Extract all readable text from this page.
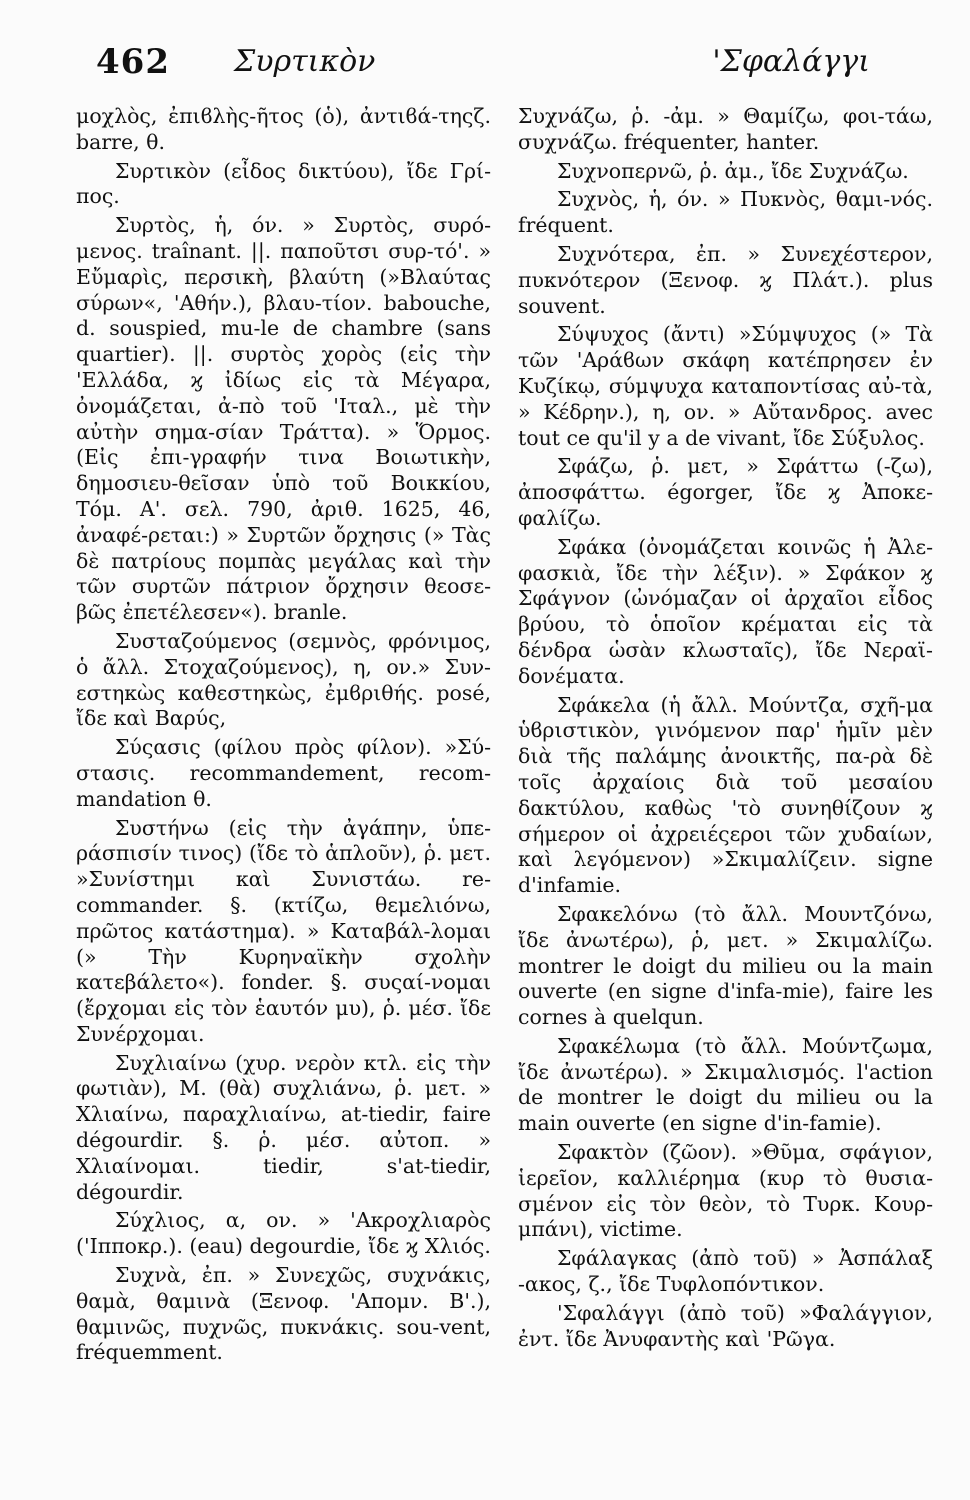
462 Συρτικὸν	'Σφαλάγγι

μοχλὸς, ἐπιϐλὴς-ῆτος (ὁ), ἀντιϐά-τηςζ. barre, θ.

Συρτικὸν (εἶδος δικτύου), ἴδε Γρί-πος.

Συρτὸς, ἡ, όν. » Συρτὸς, συρό-μενος. traînant. ||. παποῦτσι συρ-τό'. » Εὔμαρὶς, περσικὴ, βλαύτη (»Βλαύτας σύρων«, 'Αθήν.), βλαυ-τίον. babouche, d. souspied, mu-le de chambre (sans quartier). ||. συρτὸς χορὸς (εἰς τὴν 'Ελλάδα, ϗ ἰδίως εἰς τὰ Μέγαρα, ὀνομάζεται, ἀ-πὸ τοῦ 'Ιταλ., μὲ τὴν αὐτὴν σημα-σίαν Τράττα). » Ὅρμος. (Εἰς ἐπι-γραφήν τινα Βοιωτικὴν, δημοσιευ-θεῖσαν ὑπὸ τοῦ Βοικκίου, Τόμ. Α'. σελ. 790, ἀριθ. 1625, 46, ἀναφέ-ρεται:) » Συρτῶν ὄρχησις (» Τὰς δὲ πατρίους πομπὰς μεγάλας καὶ τὴν τῶν συρτῶν πάτριον ὄρχησιν θεοσε-βῶς ἐπετέλεσεν«). branle.

Συσταζούμενος (σεμνὸς, φρόνιμος, ὁ ἄλλ. Στοχαζούμενος), η, ον.» Συν-εστηκὼς καθεστηκὼς, ἐμϐριθής. posé, ἴδε καὶ Βαρύς,

Σύςασις (φίλου πρὸς φίλον). »Σύ-στασις. recommandement, recom-mandation θ.

Συστήνω (εἰς τὴν ἀγάπην, ὑπε-ράσπισίν τινος) (ἴδε τὸ ἁπλοῦν), ῥ. μετ. »Συνίστημι καὶ Συνιστάω. re-commander. §. (κτίζω, θεμελιόνω, πρῶτος κατάστημα). » Καταβάλ-λομαι (» Τὴν Κυρηναϊκὴν σχολὴν κατεβάλετο«). fonder. §. συςαί-νομαι (ἔρχομαι εἰς τὸν ἑαυτόν μυ), ῥ. μέσ. ἴδε Συνέρχομαι.

Συχλιαίνω (χυρ. νερὸν κτλ. εἰς τὴν φωτιὰν), Μ. (θὰ) συχλιάνω, ῥ. μετ. » Χλιαίνω, παραχλιαίνω, at-tiedir, faire dégourdir. §. ῥ. μέσ. αὐτοπ. » Χλιαίνομαι. tiedir, s'at-tiedir, dégourdir.

Σύχλιος, α, ον. » 'Ακροχλιαρὸς ('Ιπποκρ.). (eau) degourdie, ἴδε ϗ Χλιός.

Συχνὰ, ἐπ. » Συνεχῶς, συχνάκις, θαμὰ, θαμινὰ (Ξενοφ. 'Απομν. Β'.), θαμινῶς, πυχνῶς, πυκνάκις. sou-vent, fréquemment.

Συχνάζω, ῥ. -ἀμ. » Θαμίζω, φοι-τάω, συχνάζω. fréquenter, hanter.

Συχνοπερνῶ, ῥ. ἀμ., ἴδε Συχνάζω.

Συχνὸς, ἡ, όν. » Πυκνὸς, θαμι-νός. fréquent.

Συχνότερα, ἐπ. » Συνεχέστερον, πυκνότερον (Ξενοφ. ϗ Πλάτ.). plus souvent.

Σύψυχος (ἄντι) »Σύμψυχος (» Τὰ τῶν 'Αράϐων σκάφη κατέπρησεν ἐν Κυζίκῳ, σύμψυχα καταποντίσας αὐ-τὰ, » Κέδρην.), η, ον. » Αὔτανδρος. avec tout ce qu'il y a de vivant, ἴδε Σύξυλος.

Σφάζω, ῥ. μετ, » Σφάττω (-ζω), ἀποσφάττω. égorger, ἴδε ϗ Ἀποκε-φαλίζω.

Σφάκα (ὀνομάζεται κοινῶς ἡ Ἀλε-φασκιὰ, ἴδε τὴν λέξιν). » Σφάκον ϗ Σφάγνον (ὠνόμαζαν οἱ ἀρχαῖοι εἶδος βρύου, τὸ ὁποῖον κρέμαται εἰς τὰ δένδρα ὡσὰν κλωσταῖς), ἴδε Νεραϊ-δονέματα.

Σφάκελα (ἡ ἄλλ. Μούντζα, σχῆ-μα ὑϐριστικὸν, γινόμενον παρ' ἡμῖν μὲν διὰ τῆς παλάμης ἀνοικτῆς, πα-ρὰ δὲ τοῖς ἀρχαίοις διὰ τοῦ μεσαίου δακτύλου, καθὼς 'τὸ συνηθίζουν ϗ σήμερον οἱ ἀχρειέςεροι τῶν χυδαίων, καὶ λεγόμενον) »Σκιμαλίζειν. signe d'infamie.

Σφακελόνω (τὸ ἄλλ. Μουντζόνω, ἴδε ἀνωτέρω), ῥ, μετ. » Σκιμαλίζω. montrer le doigt du milieu ou la main ouverte (en signe d'infa-mie), faire les cornes à quelqun.

Σφακέλωμα (τὸ ἄλλ. Μούντζωμα, ἴδε ἀνωτέρω). » Σκιμαλισμός. l'action de montrer le doigt du milieu ou la main ouverte (en signe d'in-famie).

Σφακτὸν (ζῶον). »Θῦμα, σφάγιον, ἱερεῖον, καλλιέρημα (κυρ τὸ θυσια-σμένον εἰς τὸν θεὸν, τὸ Τυρκ. Κουρ-μπάνι), victime.

Σφάλαγκας (ἀπὸ τοῦ) » Ἀσπάλαξ -ακος, ζ., ἴδε Τυφλοπόντικον.

'Σφαλάγγι (ἀπὸ τοῦ) »Φαλάγγιον, ἐντ. ἴδε Ἀνυφαντὴς καὶ 'Ρῶγα.
